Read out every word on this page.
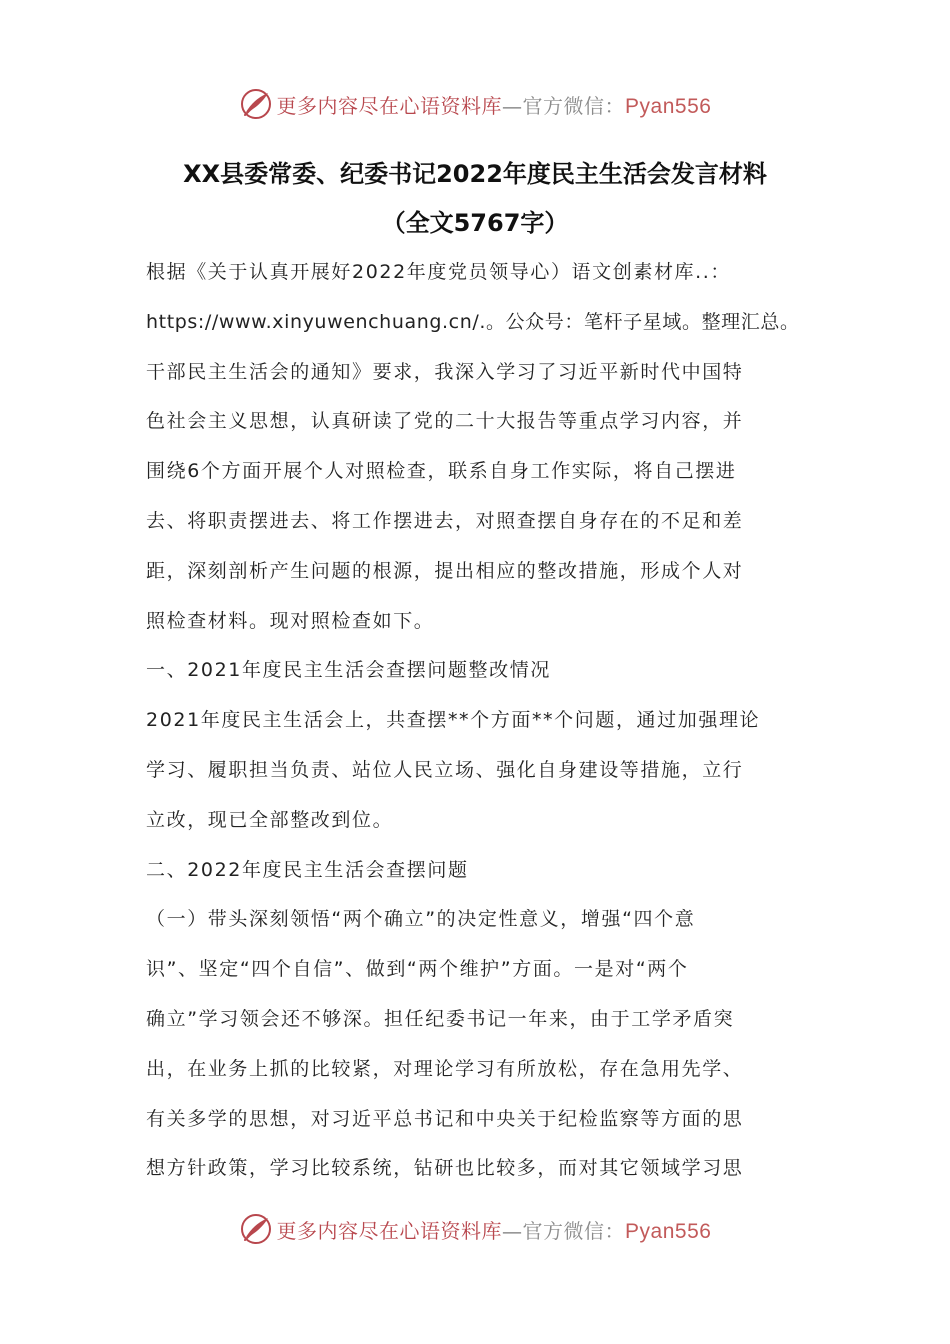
更多内容尽在心语资料库—官方微信：Pyan556
XX县委常委、纪委书记2022年度民主生活会发言材料
（全文5767字）
根据《关于认真开展好2022年度党员领导心）语文创素材库..：
https://www.xinyuwenchuang.cn/.。公众号：笔杆子星域。整理汇总。
干部民主生活会的通知》要求，我深入学习了习近平新时代中国特
色社会主义思想，认真研读了党的二十大报告等重点学习内容，并
围绕6个方面开展个人对照检查，联系自身工作实际，将自己摆进
去、将职责摆进去、将工作摆进去，对照查摆自身存在的不足和差
距，深刻剖析产生问题的根源，提出相应的整改措施，形成个人对
照检查材料。现对照检查如下。
一、2021年度民主生活会查摆问题整改情况
2021年度民主生活会上，共查摆**个方面**个问题，通过加强理论
学习、履职担当负责、站位人民立场、强化自身建设等措施，立行
立改，现已全部整改到位。
二、2022年度民主生活会查摆问题
（一）带头深刻领悟“两个确立”的决定性意义，增强“四个意
识”、坚定“四个自信”、做到“两个维护”方面。一是对“两个
确立”学习领会还不够深。担任纪委书记一年来，由于工学矛盾突
出，在业务上抓的比较紧，对理论学习有所放松，存在急用先学、
有关多学的思想，对习近平总书记和中央关于纪检监察等方面的思
想方针政策，学习比较系统，钻研也比较多，而对其它领域学习思
更多内容尽在心语资料库—官方微信：Pyan556
